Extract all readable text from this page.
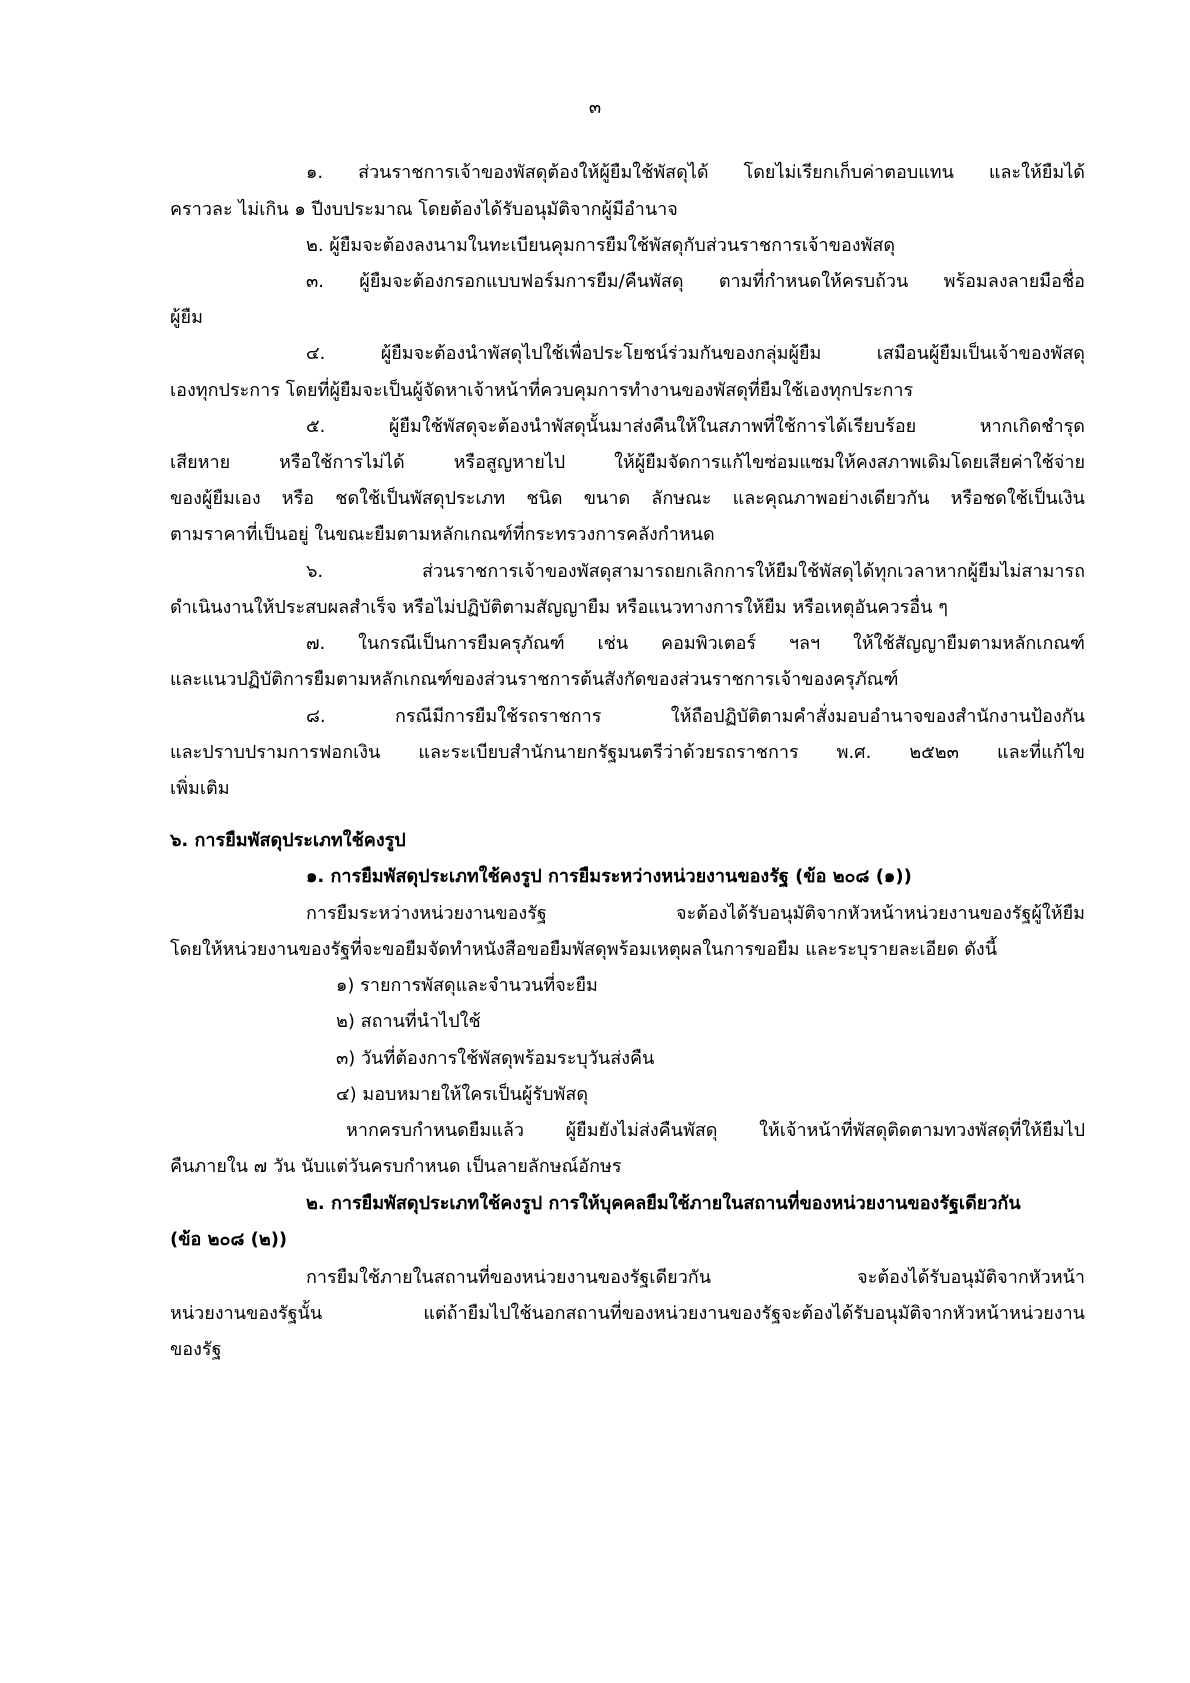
๓
๑. ส่วนราชการเจ้าของพัสดุต้องให้ผู้ยืมใช้พัสดุได้ โดยไม่เรียกเก็บค่าตอบแทน และให้ยืมได้
คราวละ ไม่เกิน ๑ ปีงบประมาณ โดยต้องได้รับอนุมัติจากผู้มีอำนาจ
๒. ผู้ยืมจะต้องลงนามในทะเบียนคุมการยืมใช้พัสดุกับส่วนราชการเจ้าของพัสดุ
๓. ผู้ยืมจะต้องกรอกแบบฟอร์มการยืม/คืนพัสดุ ตามที่กำหนดให้ครบถ้วน พร้อมลงลายมือชื่อ
ผู้ยืม
๔. ผู้ยืมจะต้องนำพัสดุไปใช้เพื่อประโยชน์ร่วมกันของกลุ่มผู้ยืม เสมือนผู้ยืมเป็นเจ้าของพัสดุ
เองทุกประการ โดยที่ผู้ยืมจะเป็นผู้จัดหาเจ้าหน้าที่ควบคุมการทำงานของพัสดุที่ยืมใช้เองทุกประการ
๕. ผู้ยืมใช้พัสดุจะต้องนำพัสดุนั้นมาส่งคืนให้ในสภาพที่ใช้การได้เรียบร้อย หากเกิดชำรุด
เสียหาย หรือใช้การไม่ได้ หรือสูญหายไป ให้ผู้ยืมจัดการแก้ไขซ่อมแซมให้คงสภาพเดิมโดยเสียค่าใช้จ่าย
ของผู้ยืมเอง หรือ ชดใช้เป็นพัสดุประเภท ชนิด ขนาด ลักษณะ และคุณภาพอย่างเดียวกัน หรือชดใช้เป็นเงิน
ตามราคาที่เป็นอยู่ ในขณะยืมตามหลักเกณฑ์ที่กระทรวงการคลังกำหนด
๖. ส่วนราชการเจ้าของพัสดุสามารถยกเลิกการให้ยืมใช้พัสดุได้ทุกเวลาหากผู้ยืมไม่สามารถ
ดำเนินงานให้ประสบผลสำเร็จ หรือไม่ปฏิบัติตามสัญญายืม หรือแนวทางการให้ยืม หรือเหตุอันควรอื่น ๆ
๗. ในกรณีเป็นการยืมครุภัณฑ์ เช่น คอมพิวเตอร์ ฯลฯ ให้ใช้สัญญายืมตามหลักเกณฑ์
และแนวปฏิบัติการยืมตามหลักเกณฑ์ของส่วนราชการต้นสังกัดของส่วนราชการเจ้าของครุภัณฑ์
๘. กรณีมีการยืมใช้รถราชการ ให้ถือปฏิบัติตามคำสั่งมอบอำนาจของสำนักงานป้องกัน
และปราบปรามการฟอกเงิน และระเบียบสำนักนายกรัฐมนตรีว่าด้วยรถราชการ พ.ศ. ๒๕๒๓ และที่แก้ไข
เพิ่มเติม
๖. การยืมพัสดุประเภทใช้คงรูป
๑. การยืมพัสดุประเภทใช้คงรูป การยืมระหว่างหน่วยงานของรัฐ (ข้อ ๒๐๘ (๑))
การยืมระหว่างหน่วยงานของรัฐ จะต้องได้รับอนุมัติจากหัวหน้าหน่วยงานของรัฐผู้ให้ยืม
โดยให้หน่วยงานของรัฐที่จะขอยืมจัดทำหนังสือขอยืมพัสดุพร้อมเหตุผลในการขอยืม และระบุรายละเอียด ดังนี้
๑) รายการพัสดุและจำนวนที่จะยืม
๒) สถานที่นำไปใช้
๓) วันที่ต้องการใช้พัสดุพร้อมระบุวันส่งคืน
๔) มอบหมายให้ใครเป็นผู้รับพัสดุ
หากครบกำหนดยืมแล้ว ผู้ยืมยังไม่ส่งคืนพัสดุ ให้เจ้าหน้าที่พัสดุติดตามทวงพัสดุที่ให้ยืมไป
คืนภายใน ๗ วัน นับแต่วันครบกำหนด เป็นลายลักษณ์อักษร
๒. การยืมพัสดุประเภทใช้คงรูป การให้บุคคลยืมใช้ภายในสถานที่ของหน่วยงานของรัฐเดียวกัน
(ข้อ ๒๐๘ (๒))
การยืมใช้ภายในสถานที่ของหน่วยงานของรัฐเดียวกัน จะต้องได้รับอนุมัติจากหัวหน้า
หน่วยงานของรัฐนั้น แต่ถ้ายืมไปใช้นอกสถานที่ของหน่วยงานของรัฐจะต้องได้รับอนุมัติจากหัวหน้าหน่วยงาน
ของรัฐ
